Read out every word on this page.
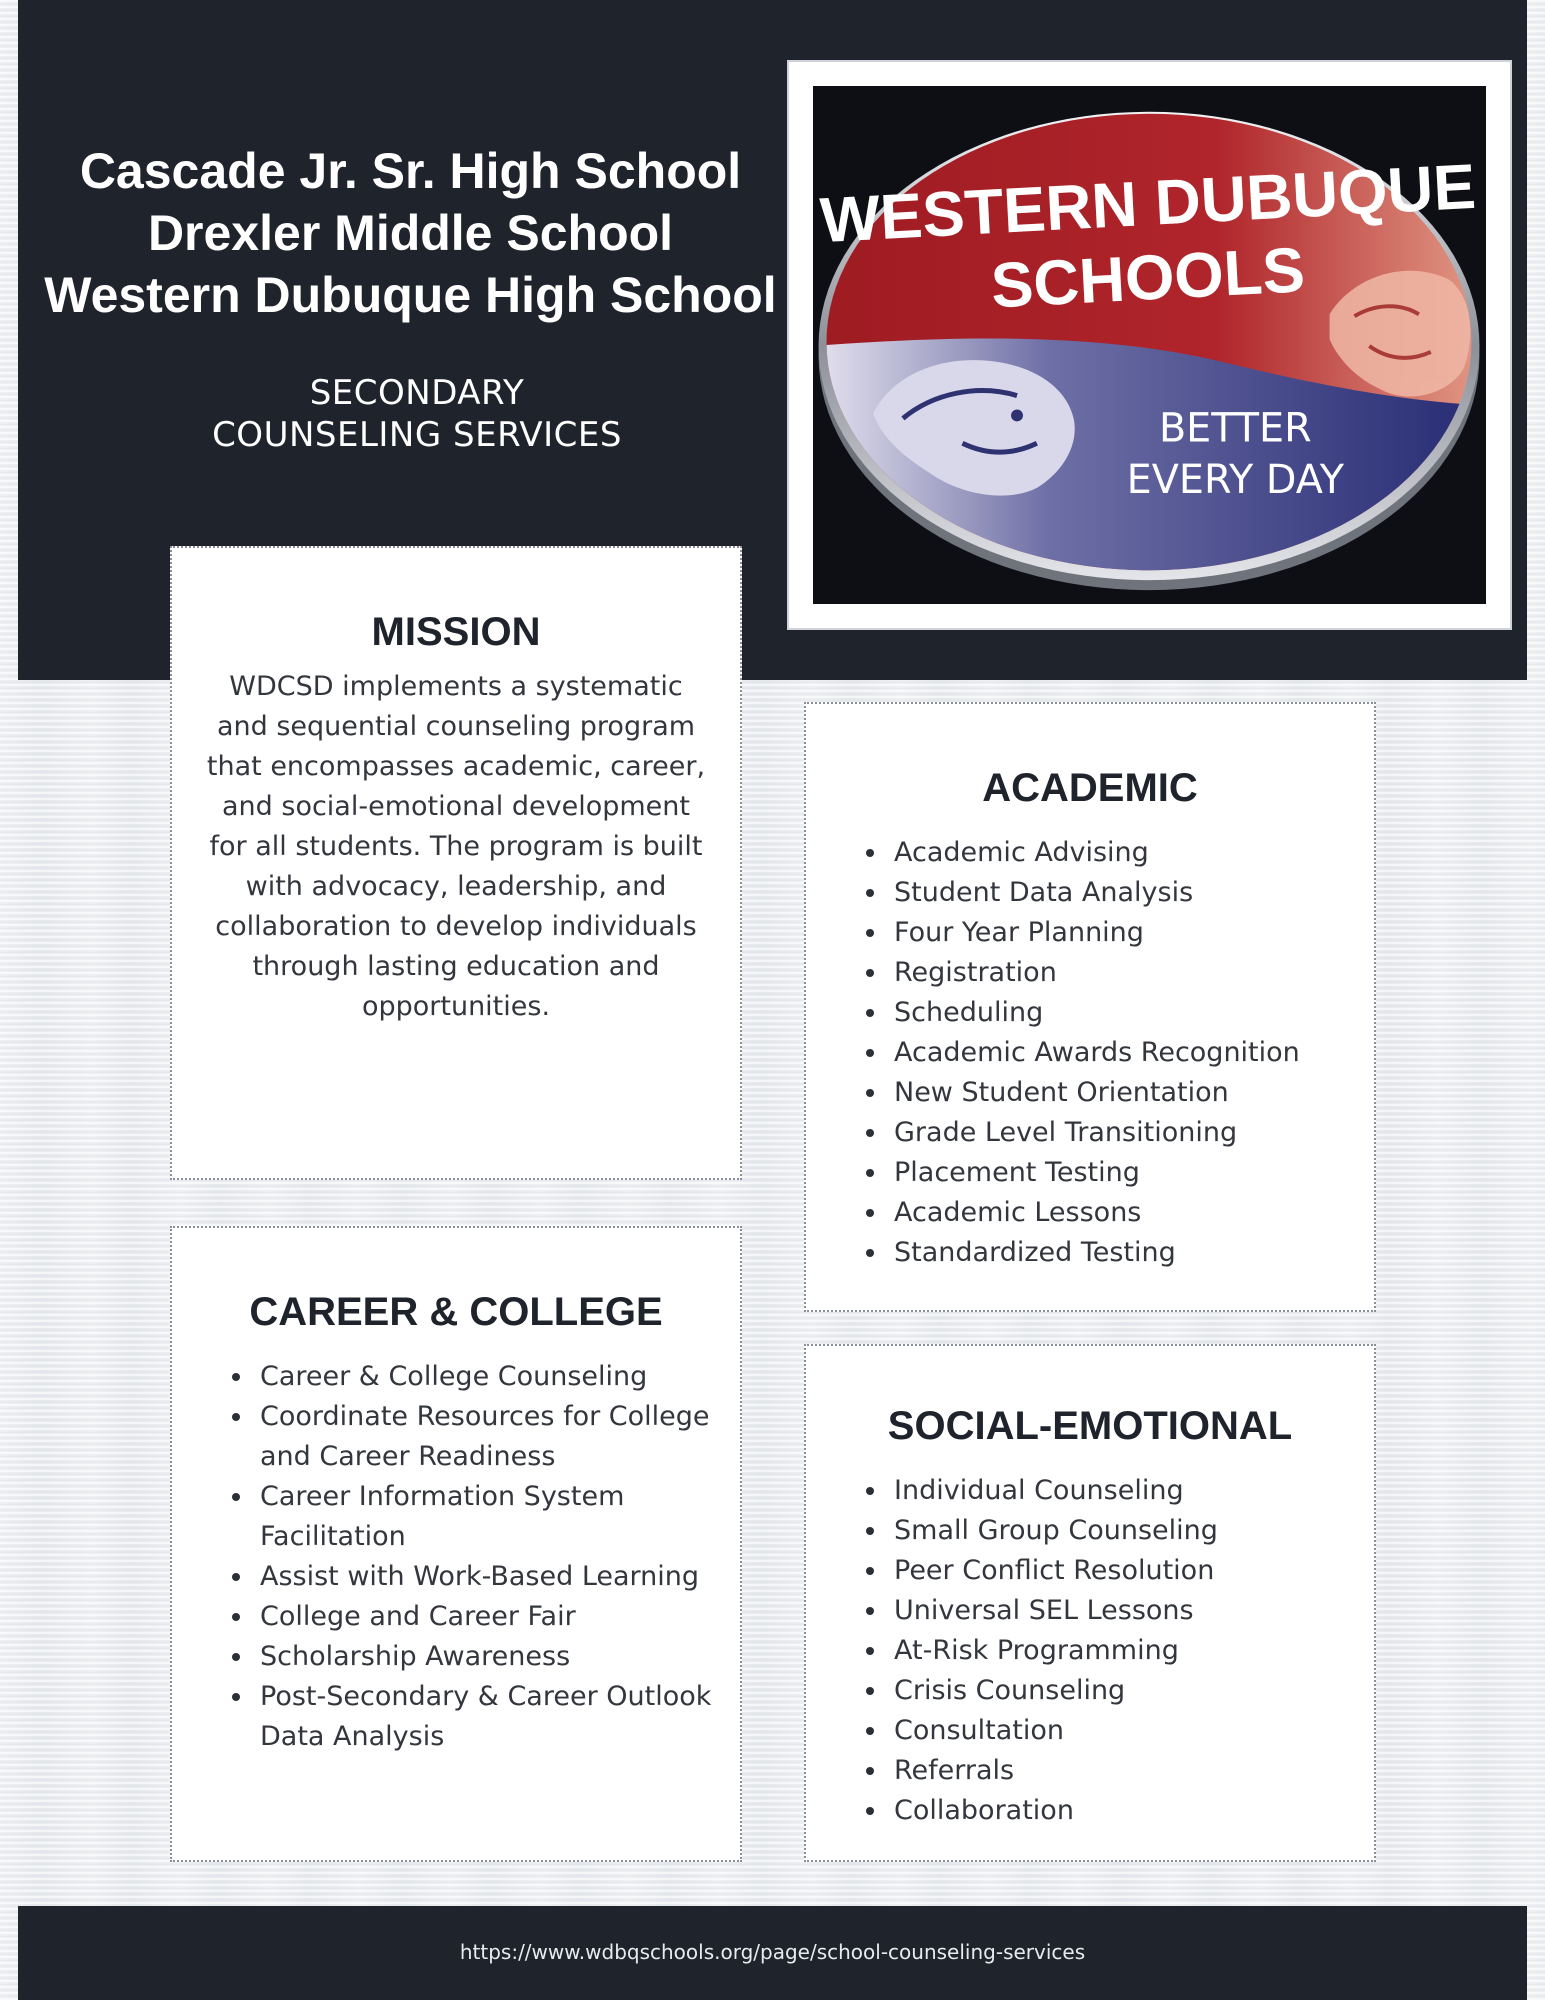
Cascade Jr. Sr. High School

Drexler Middle School

Western Dubuque High School

SECONDARY
COUNSELING SERVICES
WESTERN DUBUQUE
SCHOOLS
BETTER
EVERY DAY
MISSION

WDCSD implements a systematic and sequential counseling program that encompasses academic, career, and social-emotional development for all students. The program is built with advocacy, leadership, and collaboration to develop individuals through lasting education and opportunities.

ACADEMIC
Academic Advising
Student Data Analysis
Four Year Planning
Registration
Scheduling
Academic Awards Recognition
New Student Orientation
Grade Level Transitioning
Placement Testing
Academic Lessons
Standardized Testing
CAREER & COLLEGE
Career & College Counseling
Coordinate Resources for College and Career Readiness
Career Information System Facilitation
Assist with Work-Based Learning
College and Career Fair
Scholarship Awareness
Post-Secondary & Career Outlook Data Analysis
SOCIAL-EMOTIONAL
Individual Counseling
Small Group Counseling
Peer Conflict Resolution
Universal SEL Lessons
At-Risk Programming
Crisis Counseling
Consultation
Referrals
Collaboration
https://www.wdbqschools.org/page/school-counseling-services
